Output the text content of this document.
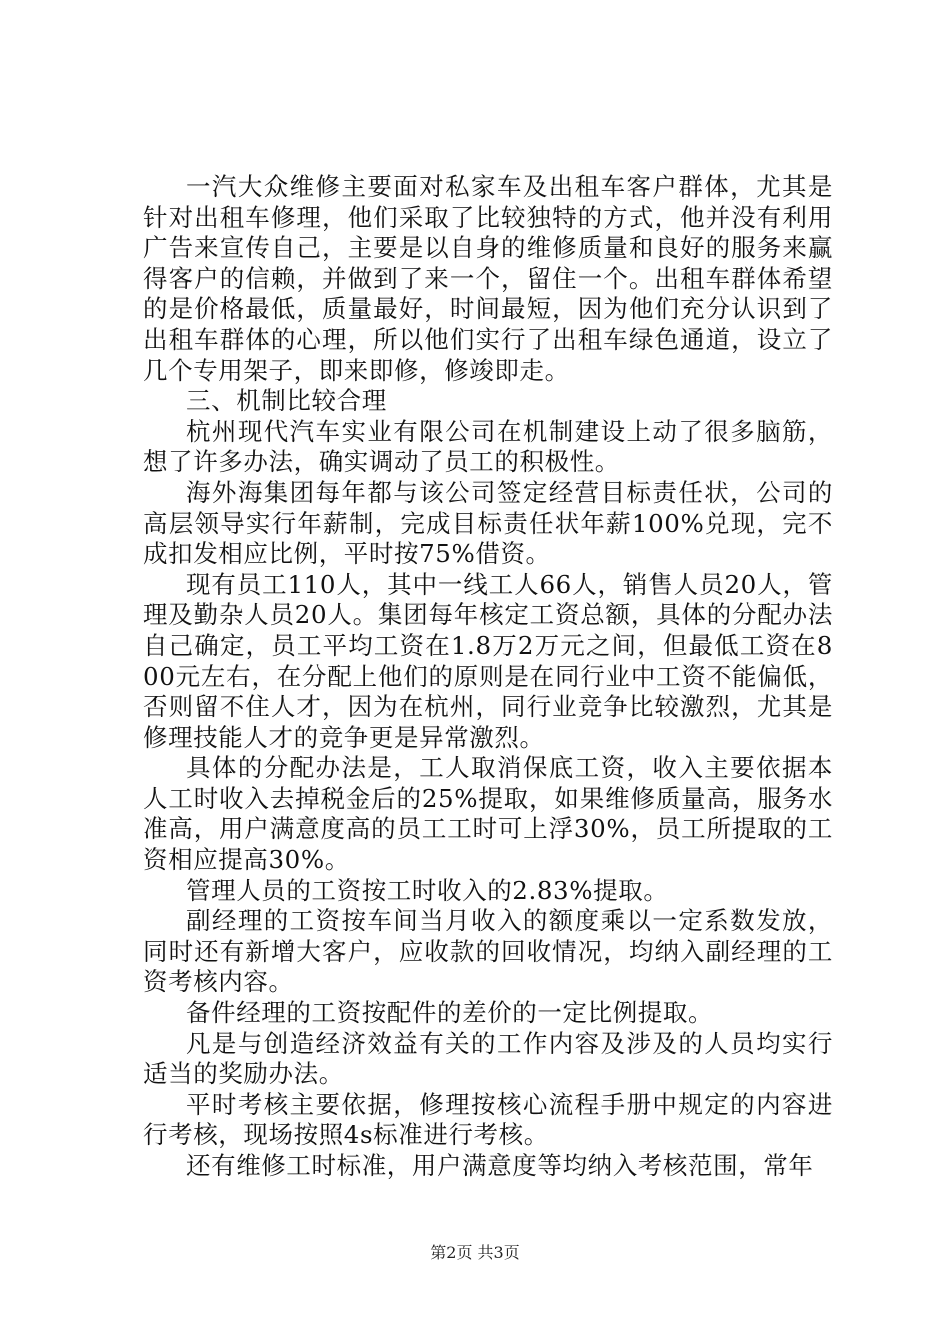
一汽大众维修主要面对私家车及出租车客户群体，尤其是针对出租车修理，他们采取了比较独特的方式，他并没有利用广告来宣传自己，主要是以自身的维修质量和良好的服务来赢得客户的信赖，并做到了来一个，留住一个。出租车群体希望的是价格最低，质量最好，时间最短，因为他们充分认识到了出租车群体的心理，所以他们实行了出租车绿色通道，设立了几个专用架子，即来即修，修竣即走。

三、机制比较合理

杭州现代汽车实业有限公司在机制建设上动了很多脑筋，想了许多办法，确实调动了员工的积极性。

海外海集团每年都与该公司签定经营目标责任状，公司的高层领导实行年薪制，完成目标责任状年薪100%兑现，完不成扣发相应比例，平时按75%借资。

现有员工110人，其中一线工人66人，销售人员20人，管理及勤杂人员20人。集团每年核定工资总额，具体的分配办法自己确定，员工平均工资在1.8万2万元之间，但最低工资在800元左右，在分配上他们的原则是在同行业中工资不能偏低，否则留不住人才，因为在杭州，同行业竞争比较激烈，尤其是修理技能人才的竞争更是异常激烈。

具体的分配办法是，工人取消保底工资，收入主要依据本人工时收入去掉税金后的25%提取，如果维修质量高，服务水准高，用户满意度高的员工工时可上浮30%，员工所提取的工资相应提高30%。

管理人员的工资按工时收入的2.83%提取。

副经理的工资按车间当月收入的额度乘以一定系数发放，同时还有新增大客户，应收款的回收情况，均纳入副经理的工资考核内容。

备件经理的工资按配件的差价的一定比例提取。

凡是与创造经济效益有关的工作内容及涉及的人员均实行适当的奖励办法。

平时考核主要依据，修理按核心流程手册中规定的内容进行考核，现场按照4s标准进行考核。

还有维修工时标准，用户满意度等均纳入考核范围，常年

第2页 共3页
